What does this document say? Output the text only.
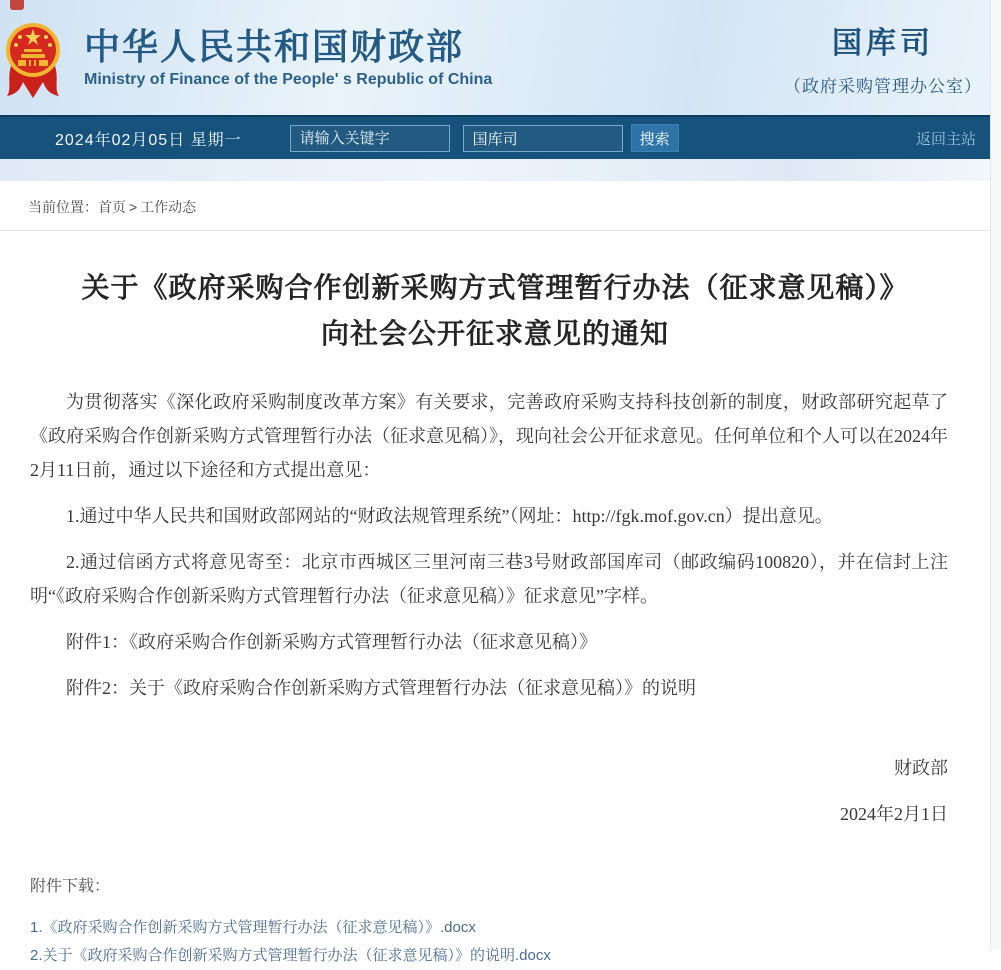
中华人民共和国财政部
Ministry of Finance of the People' s Republic of China
国库司
（政府采购管理办公室）
2024年02月05日 星期一
请输入关键字
国库司	搜索	返回主站
当前位置：首页 > 工作动态
关于《政府采购合作创新采购方式管理暂行办法（征求意见稿）》
向社会公开征求意见的通知

为贯彻落实《深化政府采购制度改革方案》有关要求，完善政府采购支持科技创新的制度，财政部研究起草了《政府采购合作创新采购方式管理暂行办法（征求意见稿）》，现向社会公开征求意见。任何单位和个人可以在2024年2月11日前，通过以下途径和方式提出意见：

1.通过中华人民共和国财政部网站的“财政法规管理系统”（网址：http://fgk.mof.gov.cn）提出意见。

2.通过信函方式将意见寄至：北京市西城区三里河南三巷3号财政部国库司（邮政编码100820），并在信封上注明“《政府采购合作创新采购方式管理暂行办法（征求意见稿）》征求意见”字样。

附件1：《政府采购合作创新采购方式管理暂行办法（征求意见稿）》

附件2：关于《政府采购合作创新采购方式管理暂行办法（征求意见稿）》的说明

财政部

2024年2月1日

附件下载：
1.《政府采购合作创新采购方式管理暂行办法（征求意见稿）》.docx
2.关于《政府采购合作创新采购方式管理暂行办法（征求意见稿）》的说明.docx
